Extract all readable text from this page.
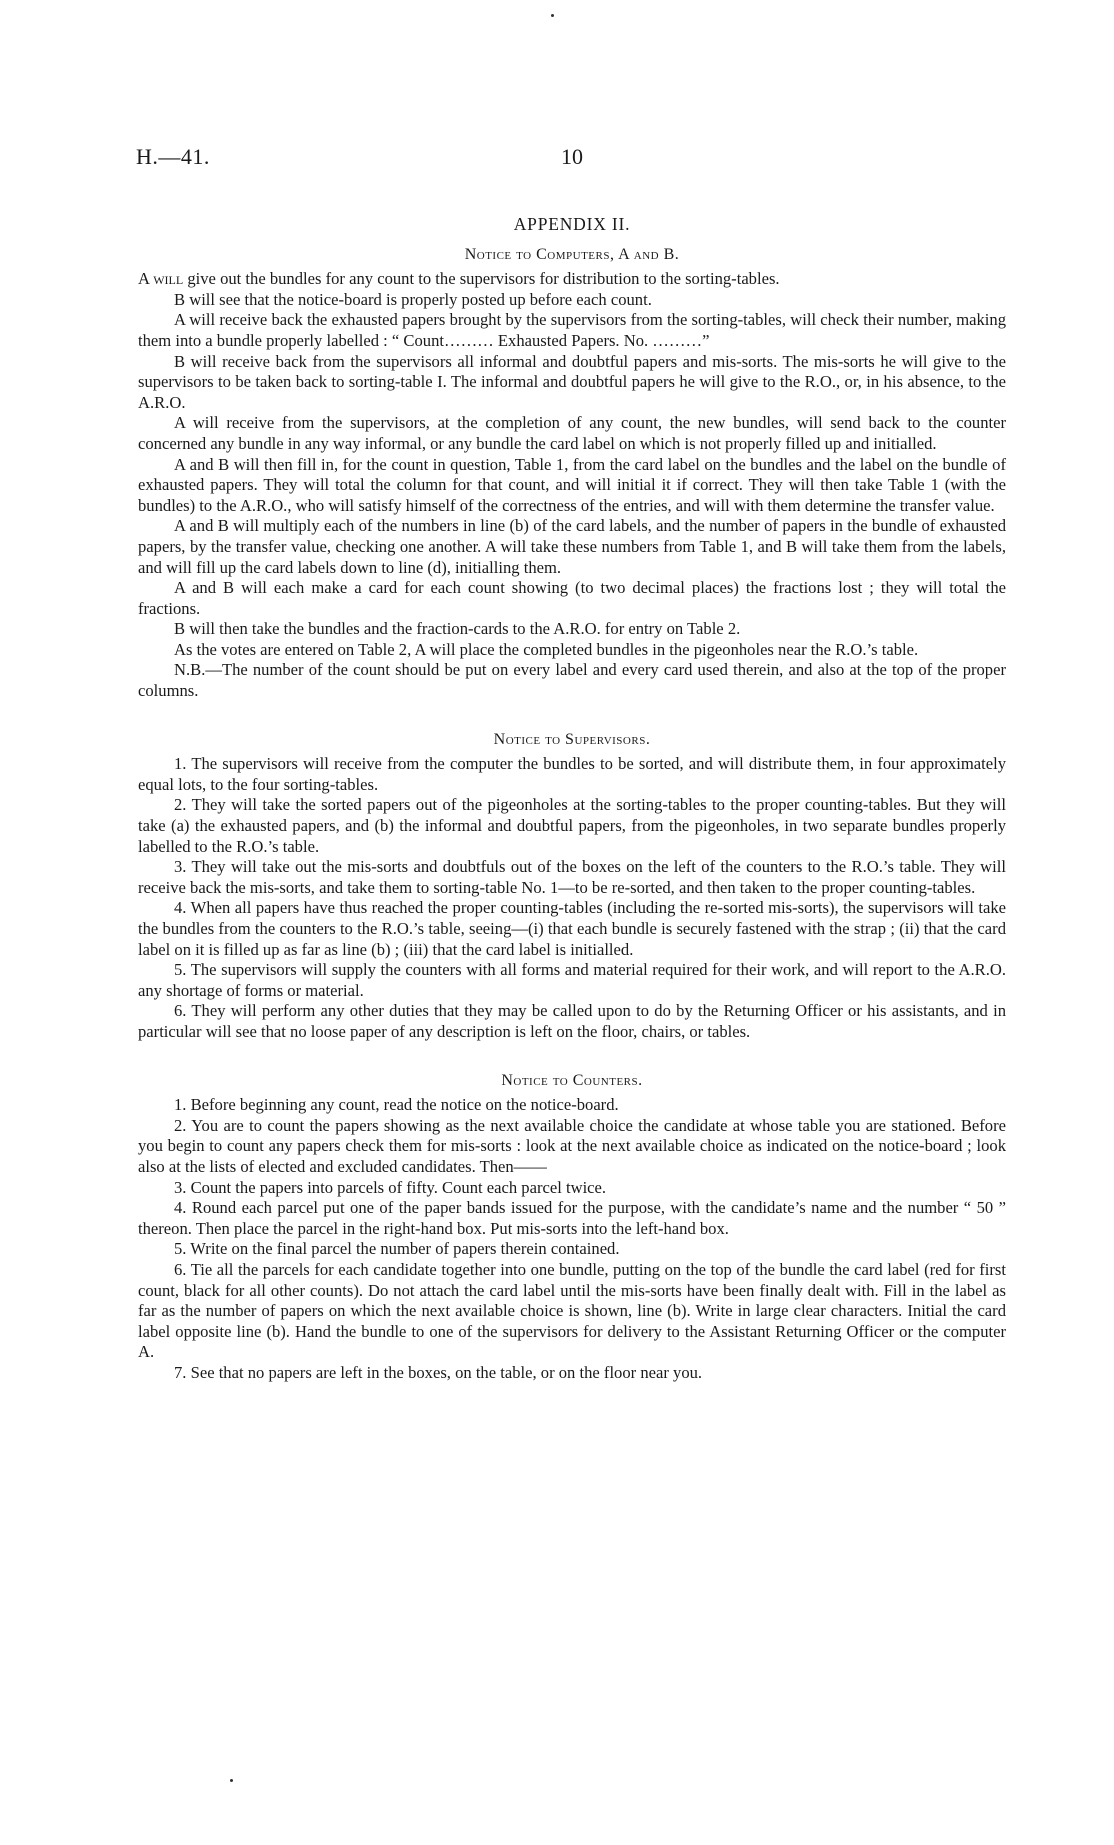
H.—41.	10
APPENDIX II.
Notice to Computers, A and B.

A will give out the bundles for any count to the supervisors for distribution to the sorting-tables.

B will see that the notice-board is properly posted up before each count.

A will receive back the exhausted papers brought by the supervisors from the sorting-tables, will check their number, making them into a bundle properly labelled : “ Count……… Exhausted Papers. No. ………”

B will receive back from the supervisors all informal and doubtful papers and mis-sorts. The mis-sorts he will give to the supervisors to be taken back to sorting-table I. The informal and doubtful papers he will give to the R.O., or, in his absence, to the A.R.O.

A will receive from the supervisors, at the completion of any count, the new bundles, will send back to the counter concerned any bundle in any way informal, or any bundle the card label on which is not properly filled up and initialled.

A and B will then fill in, for the count in question, Table 1, from the card label on the bundles and the label on the bundle of exhausted papers. They will total the column for that count, and will initial it if correct. They will then take Table 1 (with the bundles) to the A.R.O., who will satisfy himself of the correctness of the entries, and will with them determine the transfer value.

A and B will multiply each of the numbers in line (b) of the card labels, and the number of papers in the bundle of exhausted papers, by the transfer value, checking one another. A will take these numbers from Table 1, and B will take them from the labels, and will fill up the card labels down to line (d), initialling them.

A and B will each make a card for each count showing (to two decimal places) the fractions lost ; they will total the fractions.

B will then take the bundles and the fraction-cards to the A.R.O. for entry on Table 2.

As the votes are entered on Table 2, A will place the completed bundles in the pigeonholes near the R.O.’s table.

N.B.—The number of the count should be put on every label and every card used therein, and also at the top of the proper columns.

Notice to Supervisors.

1. The supervisors will receive from the computer the bundles to be sorted, and will distribute them, in four approximately equal lots, to the four sorting-tables.

2. They will take the sorted papers out of the pigeonholes at the sorting-tables to the proper counting-tables. But they will take (a) the exhausted papers, and (b) the informal and doubtful papers, from the pigeonholes, in two separate bundles properly labelled to the R.O.’s table.

3. They will take out the mis-sorts and doubtfuls out of the boxes on the left of the counters to the R.O.’s table. They will receive back the mis-sorts, and take them to sorting-table No. 1—to be re-sorted, and then taken to the proper counting-tables.

4. When all papers have thus reached the proper counting-tables (including the re-sorted mis-sorts), the supervisors will take the bundles from the counters to the R.O.’s table, seeing—(i) that each bundle is securely fastened with the strap ; (ii) that the card label on it is filled up as far as line (b) ; (iii) that the card label is initialled.

5. The supervisors will supply the counters with all forms and material required for their work, and will report to the A.R.O. any shortage of forms or material.

6. They will perform any other duties that they may be called upon to do by the Returning Officer or his assistants, and in particular will see that no loose paper of any description is left on the floor, chairs, or tables.

Notice to Counters.

1. Before beginning any count, read the notice on the notice-board.

2. You are to count the papers showing as the next available choice the candidate at whose table you are stationed. Before you begin to count any papers check them for mis-sorts : look at the next available choice as indicated on the notice-board ; look also at the lists of elected and excluded candidates. Then——

3. Count the papers into parcels of fifty. Count each parcel twice.

4. Round each parcel put one of the paper bands issued for the purpose, with the candidate’s name and the number “ 50 ” thereon. Then place the parcel in the right-hand box. Put mis-sorts into the left-hand box.

5. Write on the final parcel the number of papers therein contained.

6. Tie all the parcels for each candidate together into one bundle, putting on the top of the bundle the card label (red for first count, black for all other counts). Do not attach the card label until the mis-sorts have been finally dealt with. Fill in the label as far as the number of papers on which the next available choice is shown, line (b). Write in large clear characters. Initial the card label opposite line (b). Hand the bundle to one of the supervisors for delivery to the Assistant Returning Officer or the computer A.

7. See that no papers are left in the boxes, on the table, or on the floor near you.
